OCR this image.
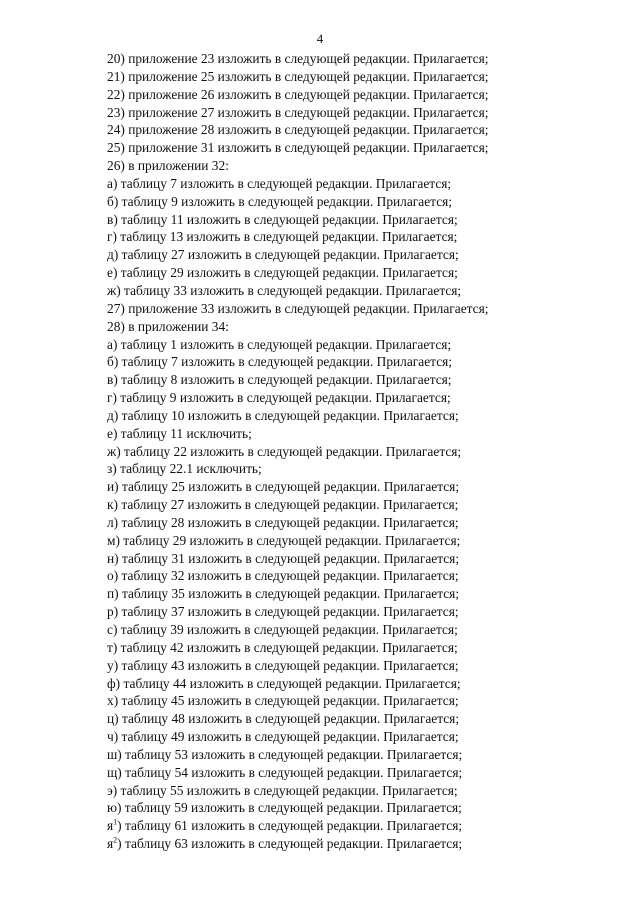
4
20) приложение 23 изложить в следующей редакции. Прилагается;
21) приложение 25 изложить в следующей редакции. Прилагается;
22) приложение 26 изложить в следующей редакции. Прилагается;
23) приложение 27 изложить в следующей редакции. Прилагается;
24) приложение 28 изложить в следующей редакции. Прилагается;
25) приложение 31 изложить в следующей редакции. Прилагается;
26) в приложении 32:
а) таблицу 7 изложить в следующей редакции. Прилагается;
б) таблицу 9 изложить в следующей редакции. Прилагается;
в) таблицу 11 изложить в следующей редакции. Прилагается;
г) таблицу 13 изложить в следующей редакции. Прилагается;
д) таблицу 27 изложить в следующей редакции. Прилагается;
е) таблицу 29 изложить в следующей редакции. Прилагается;
ж) таблицу 33 изложить в следующей редакции. Прилагается;
27) приложение 33 изложить в следующей редакции. Прилагается;
28) в приложении 34:
а) таблицу 1 изложить в следующей редакции. Прилагается;
б) таблицу 7 изложить в следующей редакции. Прилагается;
в) таблицу 8 изложить в следующей редакции. Прилагается;
г) таблицу 9 изложить в следующей редакции. Прилагается;
д) таблицу 10 изложить в следующей редакции. Прилагается;
е) таблицу 11 исключить;
ж) таблицу 22 изложить в следующей редакции. Прилагается;
з) таблицу 22.1 исключить;
и) таблицу 25 изложить в следующей редакции. Прилагается;
к) таблицу 27 изложить в следующей редакции. Прилагается;
л) таблицу 28 изложить в следующей редакции. Прилагается;
м) таблицу 29 изложить в следующей редакции. Прилагается;
н) таблицу 31 изложить в следующей редакции. Прилагается;
о) таблицу 32 изложить в следующей редакции. Прилагается;
п) таблицу 35 изложить в следующей редакции. Прилагается;
р) таблицу 37 изложить в следующей редакции. Прилагается;
с) таблицу 39 изложить в следующей редакции. Прилагается;
т) таблицу 42 изложить в следующей редакции. Прилагается;
у) таблицу 43 изложить в следующей редакции. Прилагается;
ф) таблицу 44 изложить в следующей редакции. Прилагается;
х) таблицу 45 изложить в следующей редакции. Прилагается;
ц) таблицу 48 изложить в следующей редакции. Прилагается;
ч) таблицу 49 изложить в следующей редакции. Прилагается;
ш) таблицу 53 изложить в следующей редакции. Прилагается;
щ) таблицу 54 изложить в следующей редакции. Прилагается;
э) таблицу 55 изложить в следующей редакции. Прилагается;
ю) таблицу 59 изложить в следующей редакции. Прилагается;
$я^1$) таблицу 61 изложить в следующей редакции. Прилагается;
$я^2$) таблицу 63 изложить в следующей редакции. Прилагается;
